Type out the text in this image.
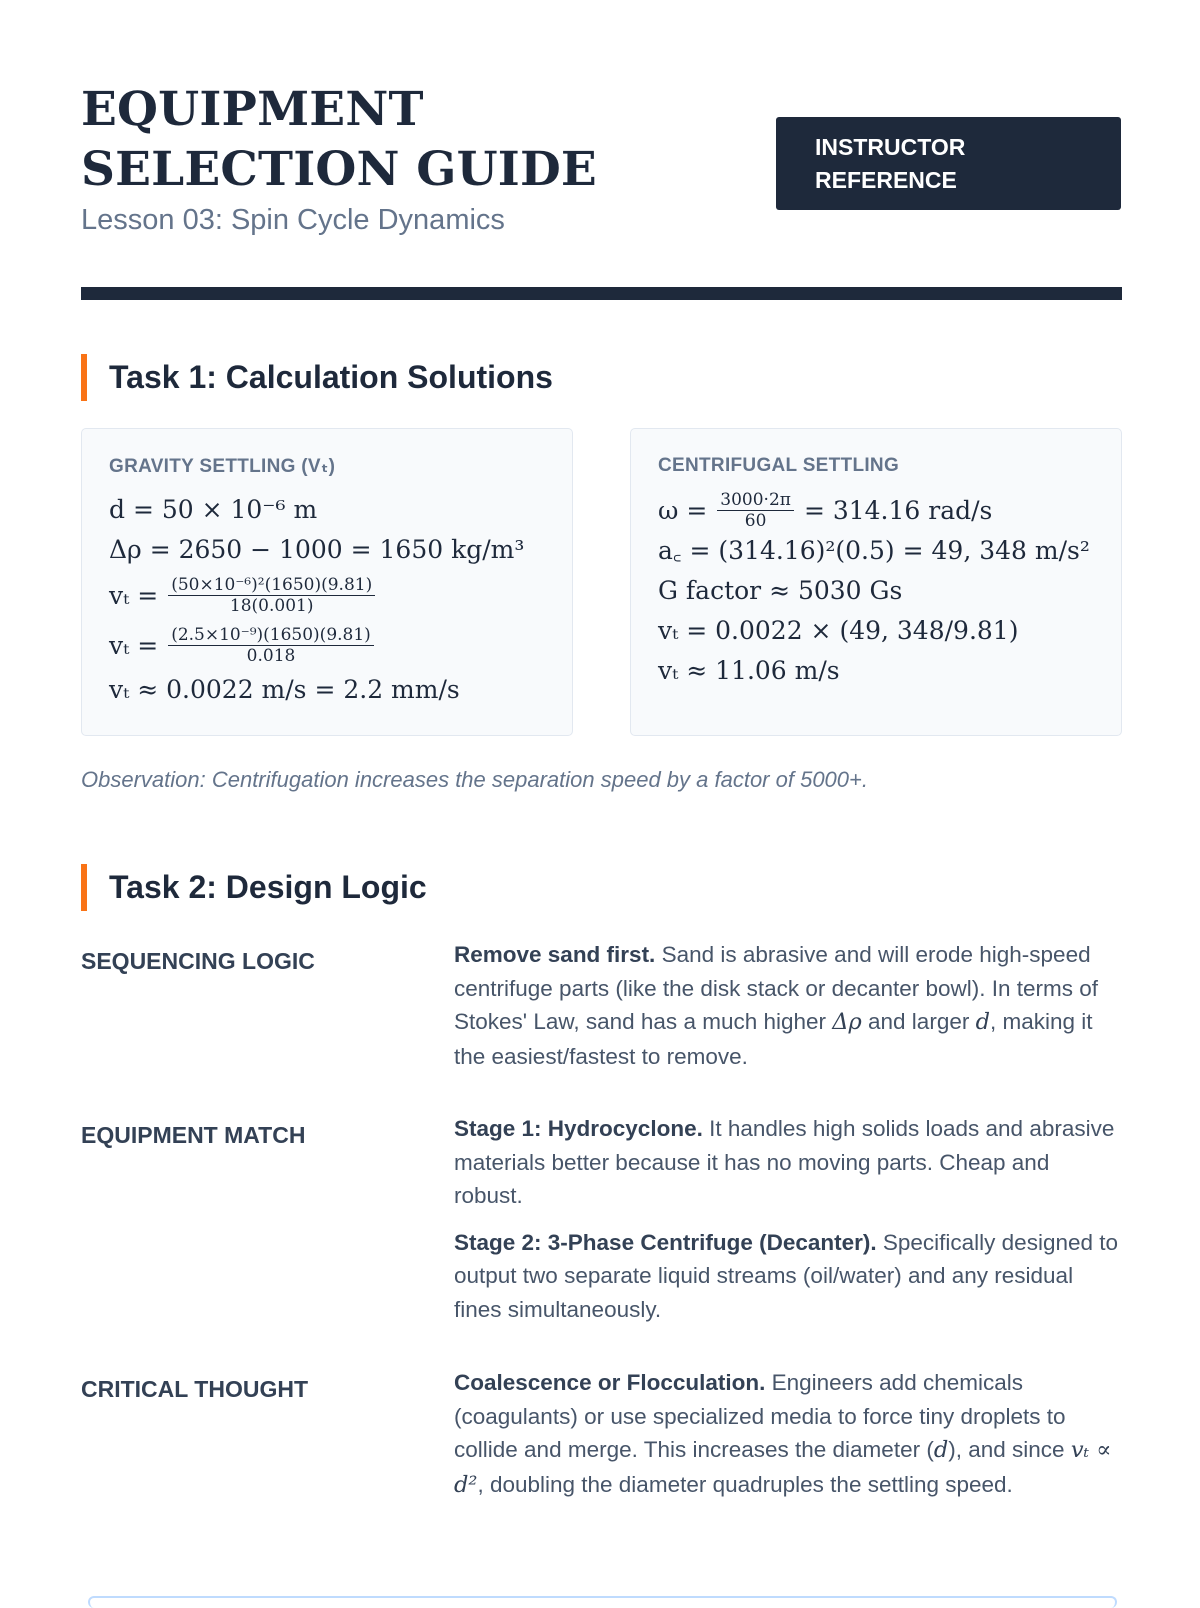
EQUIPMENT SELECTION GUIDE
Lesson 03: Spin Cycle Dynamics
INSTRUCTOR REFERENCE
Task 1: Calculation Solutions
GRAVITY SETTLING (Vₜ)
d = 50 × 10⁻⁶ m
Δρ = 2650 − 1000 = 1650 kg/m³
$v_t = \frac{\text{(50×10⁻⁶)²(1650)(9.81)}}{18(0.001)}$
$v_t = \frac{\text{(2.5×10⁻⁹)(1650)(9.81)}}{0.018}$
vₜ ≈ 0.0022 m/s = 2.2 mm/s
CENTRIFUGAL SETTLING
$\omega = \frac{3000\cdot 2\pi}{60} = 314.16$ rad/s
a꜀ = (314.16)²(0.5) = 49, 348 m/s²
G factor ≈ 5030 Gs
vₜ = 0.0022 × (49, 348/9.81)
vₜ ≈ 11.06 m/s
Observation: Centrifugation increases the separation speed by a factor of 5000+.
Task 2: Design Logic
SEQUENCING LOGIC	Remove sand first. Sand is abrasive and will erode high-speed centrifuge parts (like the disk stack or decanter bowl). In terms of Stokes' Law, sand has a much higher Δρ and larger d, making it the easiest/fastest to remove.

EQUIPMENT MATCH	Stage 1: Hydrocyclone. It handles high solids loads and abrasive materials better because it has no moving parts. Cheap and robust.

Stage 2: 3-Phase Centrifuge (Decanter). Specifically designed to output two separate liquid streams (oil/water) and any residual fines simultaneously.

CRITICAL THOUGHT	Coalescence or Flocculation. Engineers add chemicals (coagulants) or use specialized media to force tiny droplets to collide and merge. This increases the diameter (d), and since vₜ ∝ d², doubling the diameter quadruples the settling speed.
